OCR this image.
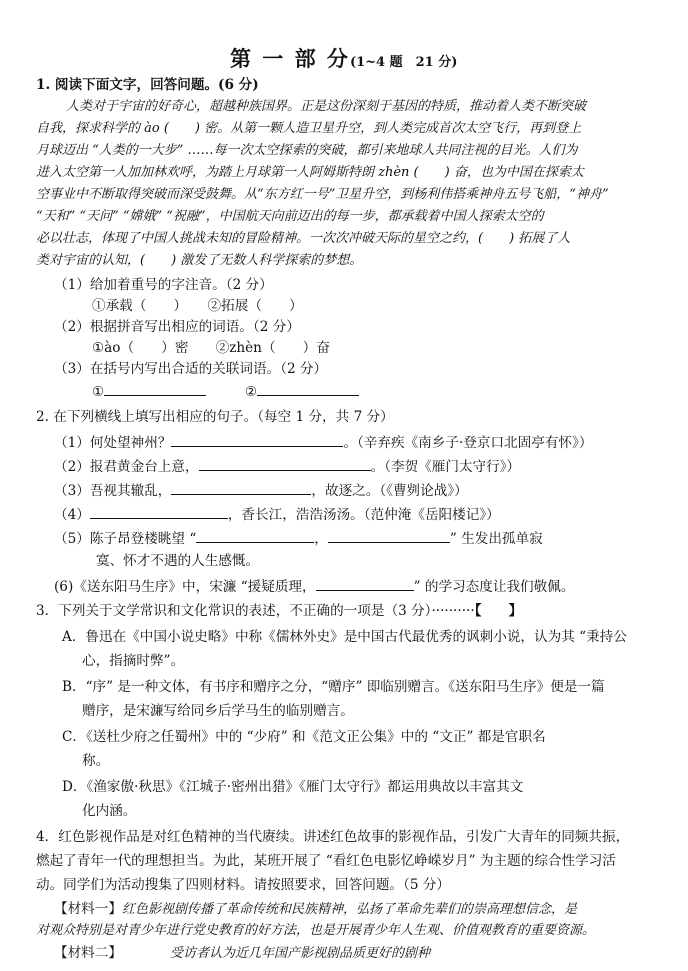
第 一 部 分(1~4 题　21 分)
1. 阅读下面文字，回答问题。(6 分)
人类对于宇宙的好奇心，超越种族国界。正是这份深刻于基因的特质，推动着人类不断突破
自我，探求科学的 ào (　　) 密。从第一颗人造卫星升空，到人类完成首次太空飞行，再到登上
月球迈出 “人类的一大步” ……每一次太空探索的突破，都引来地球人共同注视的目光。人们为
进入太空第一人加加林欢呼，为踏上月球第一人阿姆斯特朗 zhèn (　　) 奋，也为中国在探索太
空事业中不断取得突破而深受鼓舞。从“东方红一号”卫星升空，到杨利伟搭乘神舟五号飞船，“神舟”
“天和” “天问” “嫦娥” “祝融”，中国航天向前迈出的每一步，都承载着中国人探索太空的
必以壮志，体现了中国人挑战未知的冒险精神。一次次冲破天际的星空之约，(　　) 拓展了人
类对宇宙的认知，(　　) 激发了无数人科学探索的梦想。
（1）给加着重号的字注音。（2 分）
①承载（　　）　　②拓展（　　）
（2）根据拼音写出相应的词语。（2 分）
①ào（　　）密　　②zhèn（　　）奋
（3）在括号内写出合适的关联词语。（2 分）
①	②
2. 在下列横线上填写出相应的句子。（每空 1 分，共 7 分）
（1）何处望神州？	。（辛弃疾《南乡子·登京口北固亭有怀》）
（2）报君黄金台上意，	。（李贺《雁门太守行》）
（3）吾视其辙乱，	，故逐之。（《曹刿论战》）
（4）	，香长江，浩浩汤汤。（范仲淹《岳阳楼记》）
（5）陈子昂登楼眺望 “	，	” 生发出孤单寂
寞、怀才不遇的人生感慨。
(6)《送东阳马生序》中，宋濂 “援疑质理，	” 的学习态度让我们敬佩。
3．下列关于文学常识和文化常识的表述，不正确的一项是（3 分）··········【　　】
A．鲁迅在《中国小说史略》中称《儒林外史》是中国古代最优秀的讽刺小说，认为其 “秉持公
心，指摘时弊”。
B．“序” 是一种文体，有书序和赠序之分，“赠序” 即临别赠言。《送东阳马生序》便是一篇
赠序，是宋濂写给同乡后学马生的临别赠言。
C．《送杜少府之任蜀州》中的 “少府” 和《范文正公集》中的 “文正” 都是官职名
称。
D．《渔家傲·秋思》《江城子·密州出猎》《雁门太守行》都运用典故以丰富其文
化内涵。
4．红色影视作品是对红色精神的当代赓续。讲述红色故事的影视作品，引发广大青年的同频共振，
燃起了青年一代的理想担当。为此，某班开展了 “看红色电影忆峥嵘岁月” 为主题的综合性学习活
动。同学们为活动搜集了四则材料。请按照要求，回答问题。（5 分）
【材料一】红色影视剧传播了革命传统和民族精神，弘扬了革命先辈们的崇高理想信念，是
对观众特别是对青少年进行党史教育的好方法，也是开展青少年人生观、价值观教育的重要资源。
【材料二】	受访者认为近几年国产影视剧品质更好的剧种
